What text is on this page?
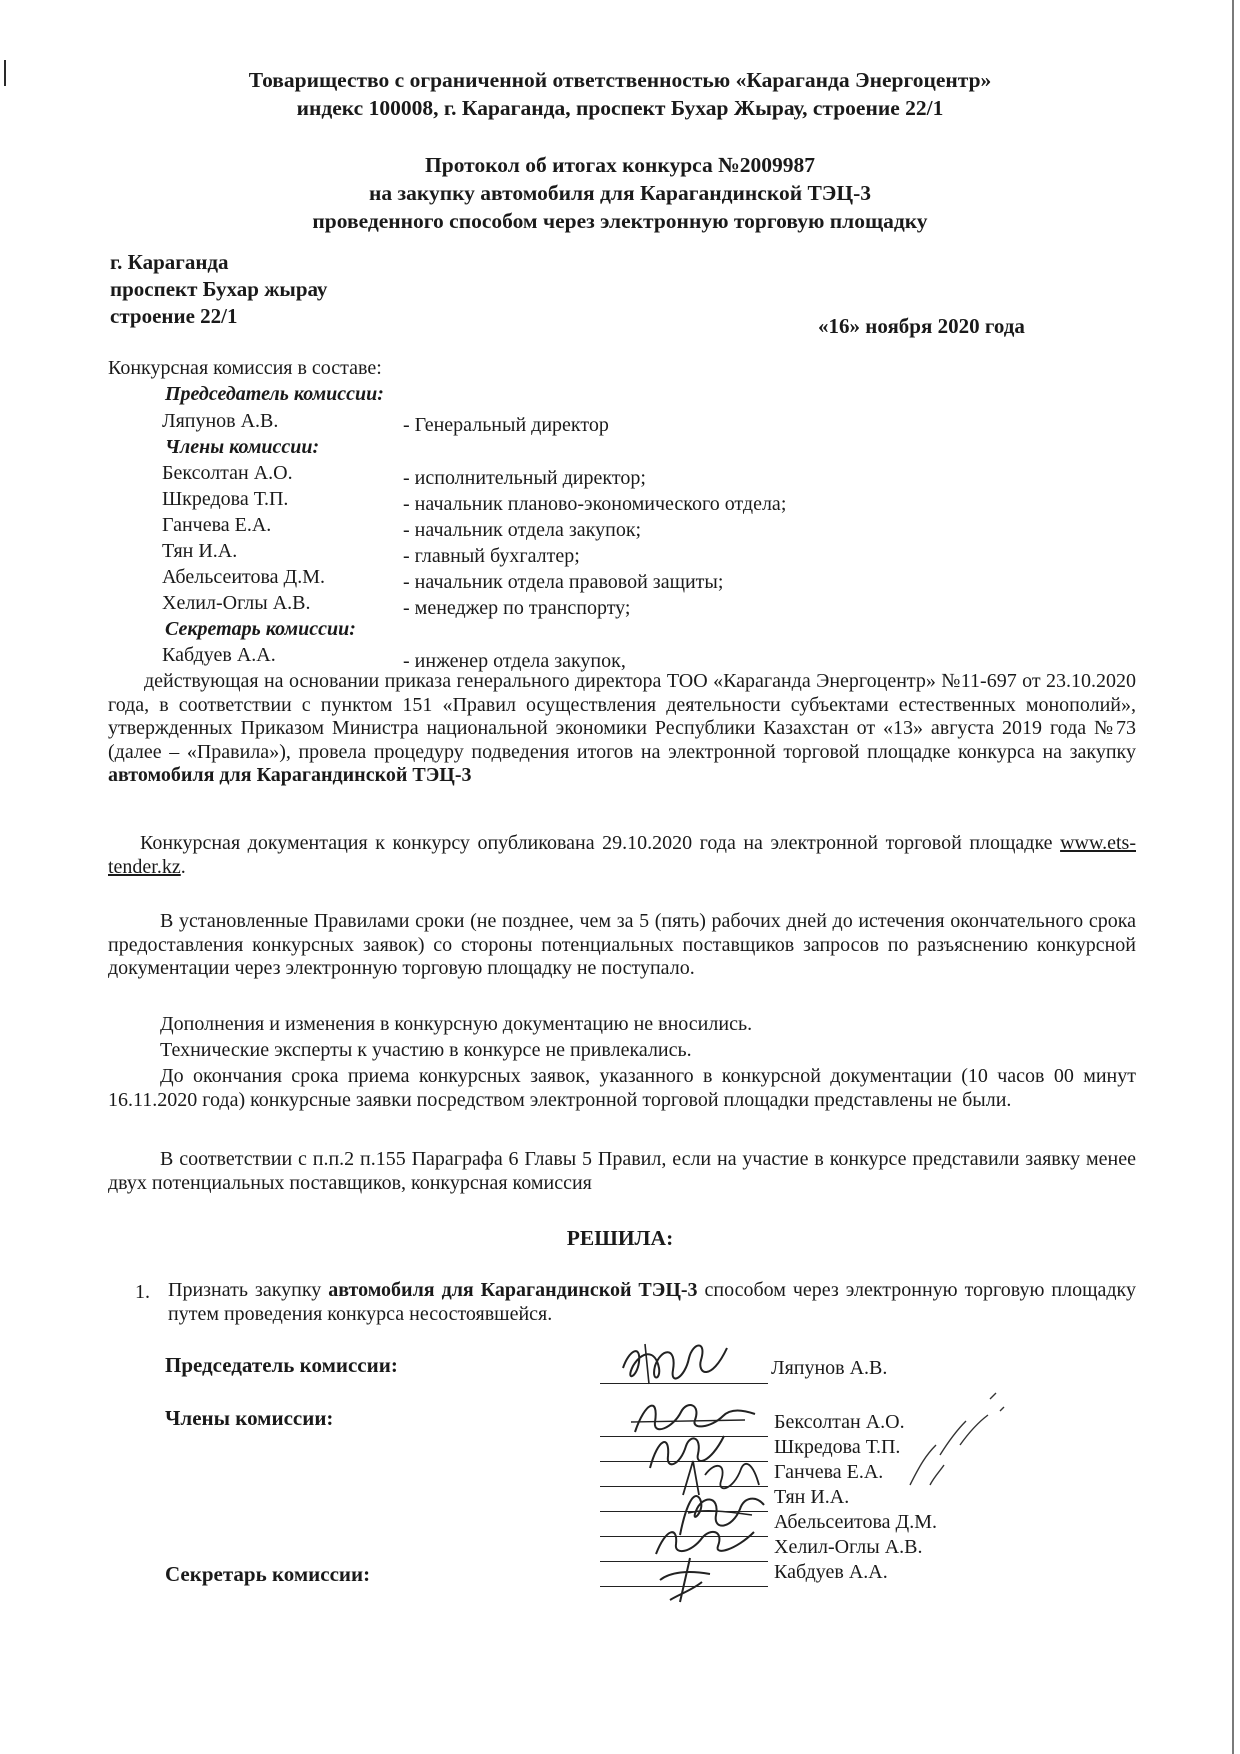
Товарищество с ограниченной ответственностью «Караганда Энергоцентр»
индекс 100008, г. Караганда, проспект Бухар Жырау, строение 22/1
Протокол об итогах конкурса №2009987
на закупку автомобиля для Карагандинской ТЭЦ-3
проведенного способом через электронную торговую площадку
г. Караганда
проспект Бухар жырау
строение 22/1	«16» ноября 2020 года
Конкурсная комиссия в составе:
Председатель комиссии:
Ляпунов А.В.	- Генеральный директор
Члены комиссии:
Бексолтан А.О.	- исполнительный директор;
Шкредова Т.П.	- начальник планово-экономического отдела;
Ганчева Е.А.	- начальник отдела закупок;
Тян И.А.	- главный бухгалтер;
Абельсеитова Д.М.	- начальник отдела правовой защиты;
Хелил-Оглы А.В.	- менеджер по транспорту;
Секретарь комиссии:
Кабдуев А.А.	- инженер отдела закупок,
действующая на основании приказа генерального директора ТОО «Караганда Энергоцентр» №11-697 от 23.10.2020 года, в соответствии с пунктом 151 «Правил осуществления деятельности субъектами естественных монополий», утвержденных Приказом Министра национальной экономики Республики Казахстан от «13» августа 2019 года №73 (далее – «Правила»), провела процедуру подведения итогов на электронной торговой площадке конкурса на закупку автомобиля для Карагандинской ТЭЦ-3
Конкурсная документация к конкурсу опубликована 29.10.2020 года на электронной торговой площадке www.ets-tender.kz.
В установленные Правилами сроки (не позднее, чем за 5 (пять) рабочих дней до истечения окончательного срока предоставления конкурсных заявок) со стороны потенциальных поставщиков запросов по разъяснению конкурсной документации через электронную торговую площадку не поступало.
Дополнения и изменения в конкурсную документацию не вносились.
Технические эксперты к участию в конкурсе не привлекались.
До окончания срока приема конкурсных заявок, указанного в конкурсной документации (10 часов 00 минут 16.11.2020 года) конкурсные заявки посредством электронной торговой площадки представлены не были.
В соответствии с п.п.2 п.155 Параграфа 6 Главы 5 Правил, если на участие в конкурсе представили заявку менее двух потенциальных поставщиков, конкурсная комиссия
РЕШИЛА:
1. Признать закупку автомобиля для Карагандинской ТЭЦ-3 способом через электронную торговую площадку путем проведения конкурса несостоявшейся.
Председатель комиссии:	Ляпунов А.В.
Члены комиссии:	Бексолтан А.О.
Шкредова Т.П.
Ганчева Е.А.
Тян И.А.
Абельсеитова Д.М.
Хелил-Оглы А.В.
Секретарь комиссии:	Кабдуев А.А.
